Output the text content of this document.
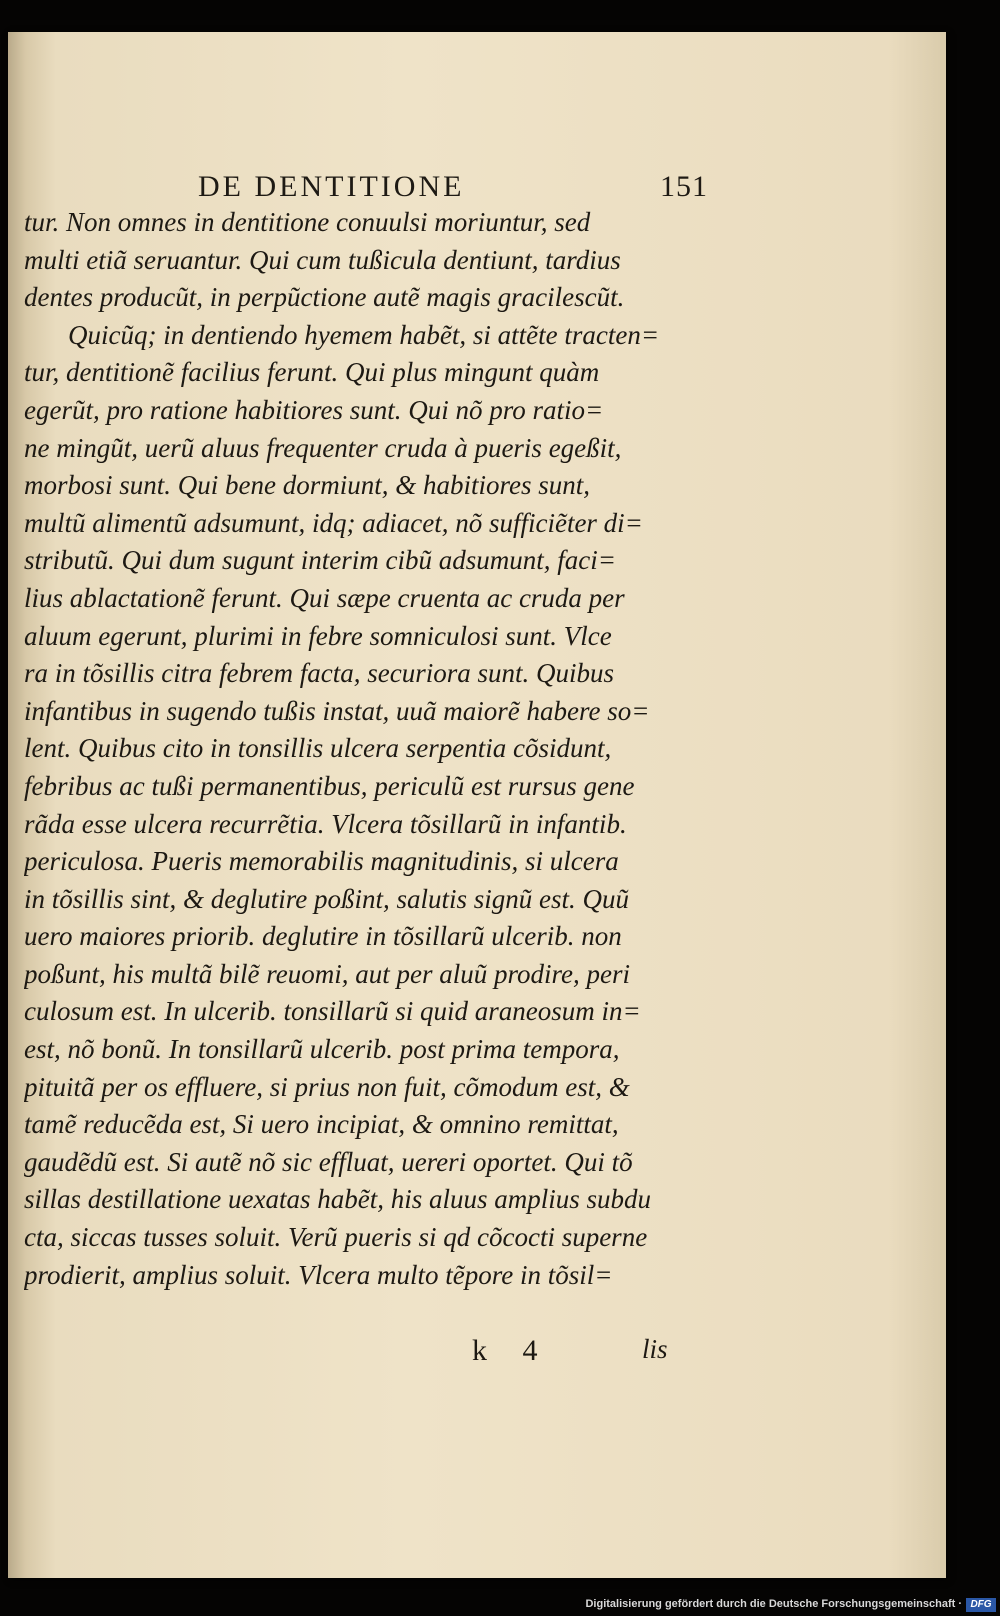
DE DENTITIONE	151
tur. Non omnes in dentitione conuulsi moriuntur, sed
multi etiã seruantur. Qui cum tußicula dentiunt, tardius
dentes producũt, in perpũctione autẽ magis gracilescũt.
Quicũq; in dentiendo hyemem habẽt, si attẽte tracten=
tur, dentitionẽ facilius ferunt. Qui plus mingunt quàm
egerũt, pro ratione habitiores sunt. Qui nõ pro ratio=
ne mingũt, uerũ aluus frequenter cruda à pueris egeßit,
morbosi sunt. Qui bene dormiunt, & habitiores sunt,
multũ alimentũ adsumunt, idq; adiacet, nõ sufficiẽter di=
stributũ. Qui dum sugunt interim cibũ adsumunt, faci=
lius ablactationẽ ferunt. Qui sæpe cruenta ac cruda per
aluum egerunt, plurimi in febre somniculosi sunt. Vlce
ra in tõsillis citra febrem facta, securiora sunt. Quibus
infantibus in sugendo tußis instat, uuã maiorẽ habere so=
lent. Quibus cito in tonsillis ulcera serpentia cõsidunt,
febribus ac tußi permanentibus, periculũ est rursus gene
rãda esse ulcera recurrẽtia. Vlcera tõsillarũ in infantib.
periculosa. Pueris memorabilis magnitudinis, si ulcera
in tõsillis sint, & deglutire poßint, salutis signũ est. Quũ
uero maiores priorib. deglutire in tõsillarũ ulcerib. non
poßunt, his multã bilẽ reuomi, aut per aluũ prodire, peri
culosum est. In ulcerib. tonsillarũ si quid araneosum in=
est, nõ bonũ. In tonsillarũ ulcerib. post prima tempora,
pituitã per os effluere, si prius non fuit, cõmodum est, &
tamẽ reducẽda est, Si uero incipiat, & omnino remittat,
gaudẽdũ est. Si autẽ nõ sic effluat, uereri oportet. Qui tõ
sillas destillatione uexatas habẽt, his aluus amplius subdu
cta, siccas tusses soluit. Verũ pueris si qd cõcocti superne
prodierit, amplius soluit. Vlcera multo tẽpore in tõsil=
k 4	lis
Digitalisierung gefördert durch die Deutsche Forschungsgemeinschaft · DFG
